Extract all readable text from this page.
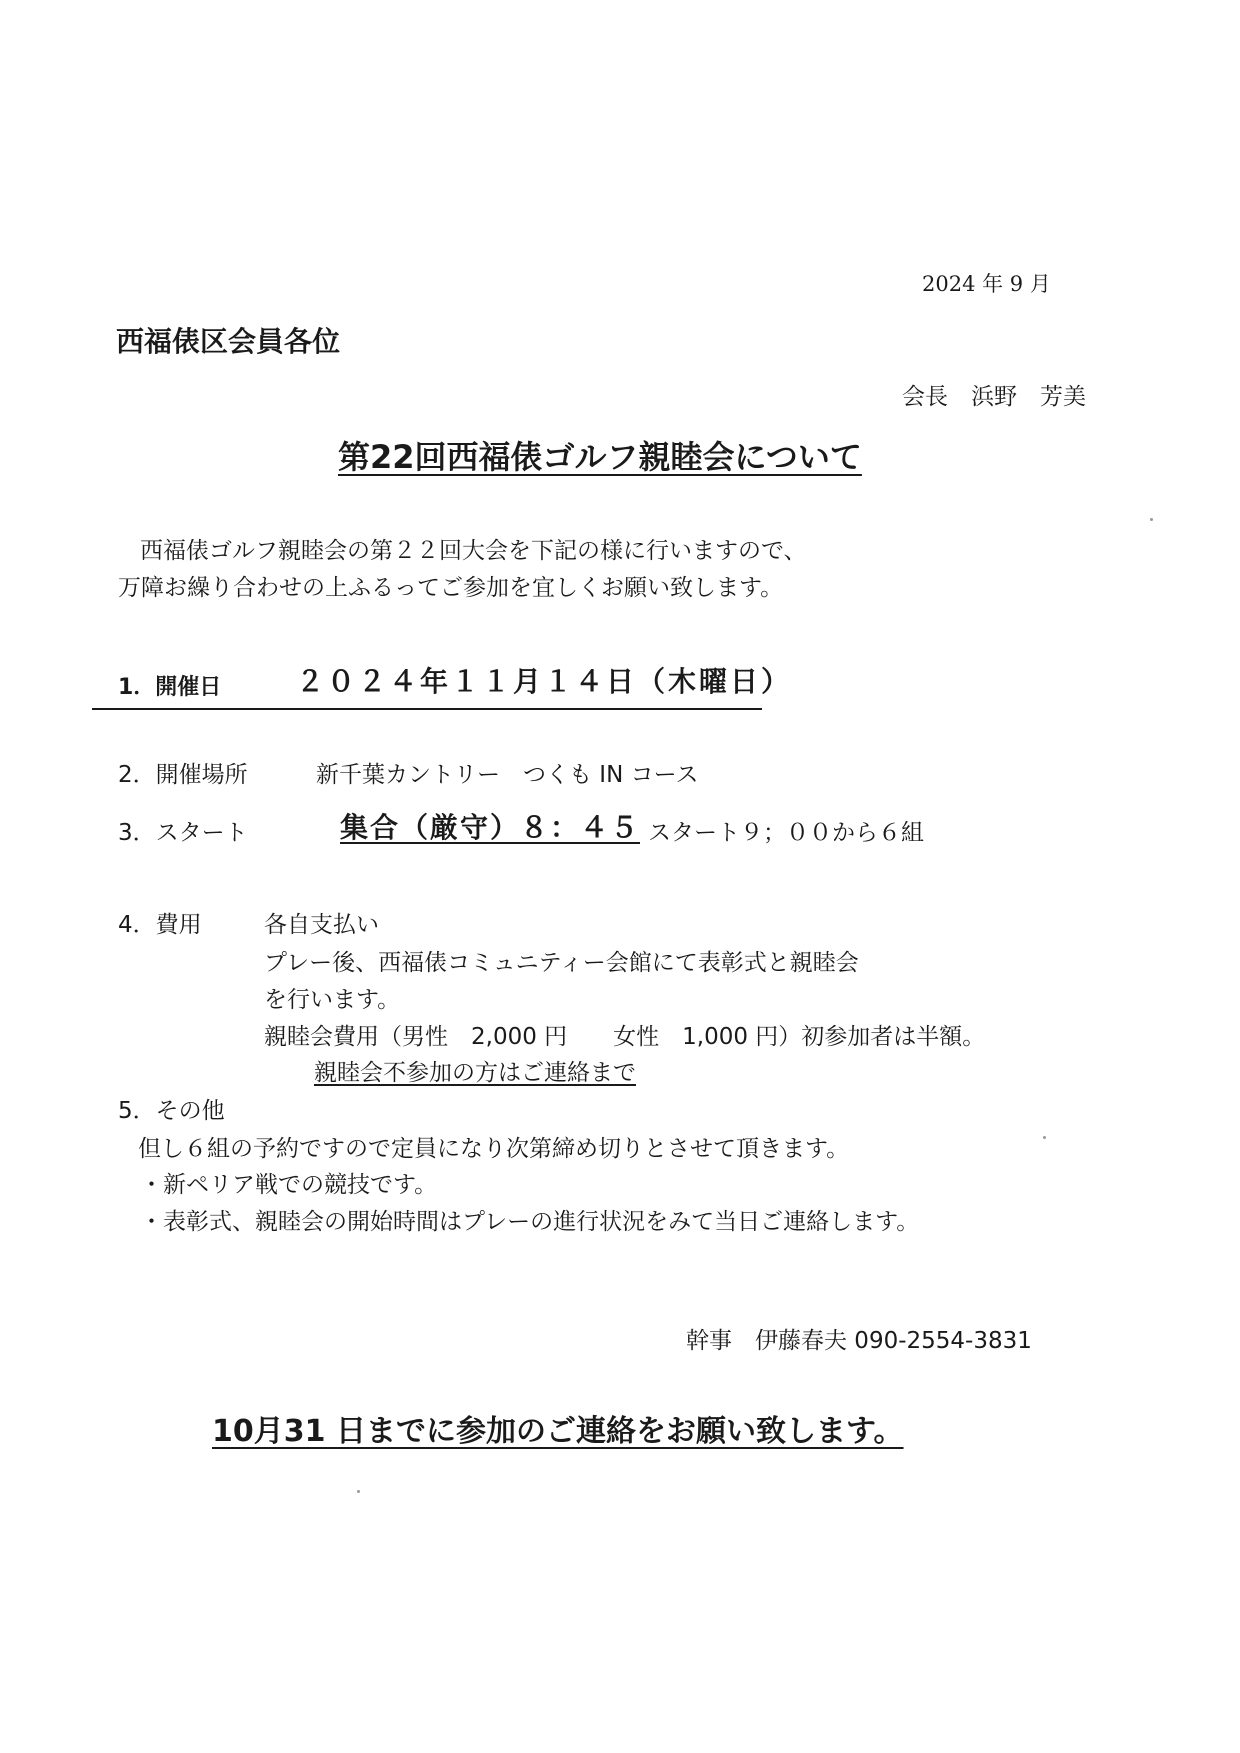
2024 年 9 月
西福俵区会員各位
会長　浜野　芳美
第22回西福俵ゴルフ親睦会について
西福俵ゴルフ親睦会の第２２回大会を下記の様に行いますので、
万障お繰り合わせの上ふるってご参加を宜しくお願い致します。
1．開催日	２０２４年１１月１４日（木曜日）
2．開催場所	新千葉カントリー　つくも IN コース
3．スタート	集合（厳守）８：４５ スタート９；００から６組
4．費用	各自支払い
プレー後、西福俵コミュニティー会館にて表彰式と親睦会
を行います。
親睦会費用（男性　2,000 円　　女性　1,000 円）初参加者は半額。
親睦会不参加の方はご連絡まで
5．その他
但し６組の予約ですので定員になり次第締め切りとさせて頂きます。
・新ペリア戦での競技です。
・表彰式、親睦会の開始時間はプレーの進行状況をみて当日ご連絡します。
幹事　伊藤春夫 090-2554-3831
10月31 日までに参加のご連絡をお願い致します。
